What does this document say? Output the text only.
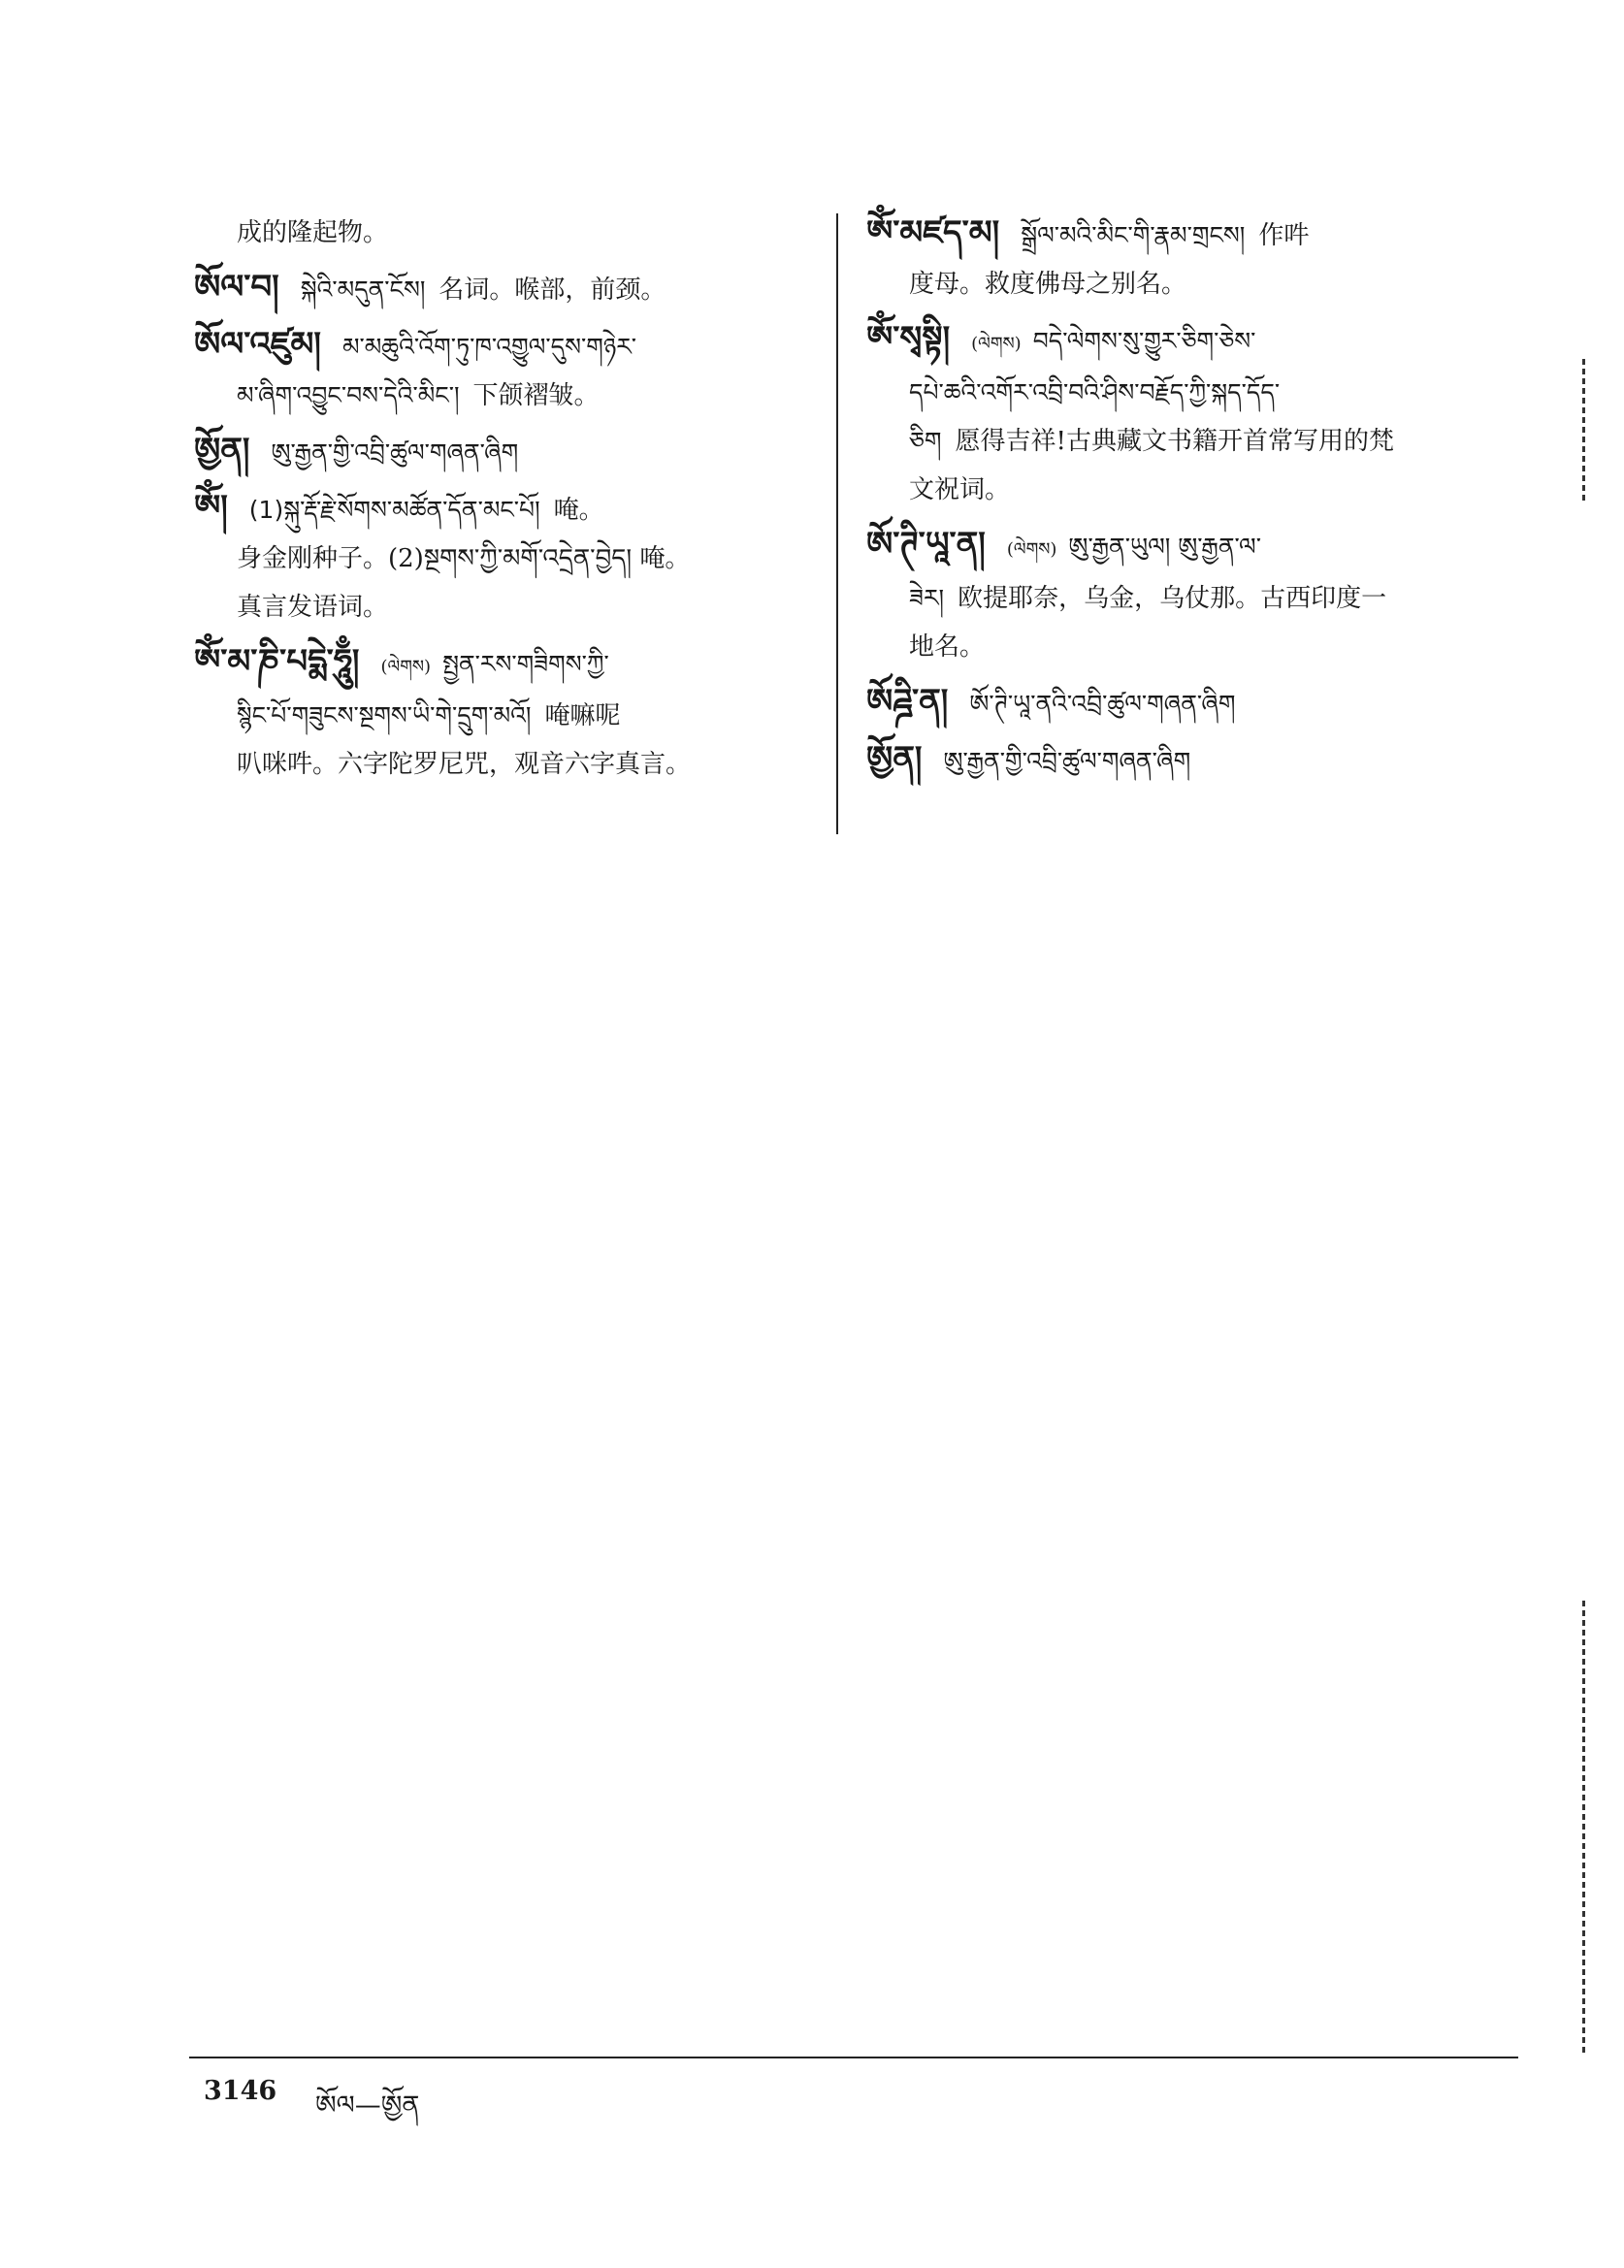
成的隆起物。
ཨོལ་བ། སྐེའི་མདུན་ངོས། 名词。喉部，前颈。
ཨོལ་འཛུམ། མ་མཆུའི་འོག་ཏུ་ཁ་འགྱུལ་དུས་གཉེར་
མ་ཞིག་འབྱུང་བས་དེའི་མིང་། 下颌褶皱。
ཨྱོན། ཨུ་རྒྱན་གྱི་འབྲི་ཚུལ་གཞན་ཞིག
ཨོཾ། (1)སྐུ་རྡོ་རྗེ་སོགས་མཚོན་དོན་མང་པོ། 唵。
身金刚种子。(2)སྔགས་ཀྱི་མགོ་འདྲེན་བྱེད། 唵。
真言发语词。
ཨོཾ་མ་ཎི་པདྨེ་ཧཱུྃ། (ལེགས) སྤྱན་རས་གཟིགས་ཀྱི་
སྙིང་པོ་གཟུངས་སྔགས་ཡི་གེ་དྲུག་མའོ། 唵嘛呢
叭咪吽。六字陀罗尼咒，观音六字真言。
ཨོཾ་མཛད་མ། སྒྲོལ་མའི་མིང་གི་རྣམ་གྲངས། 作吽
度母。救度佛母之别名。
ཨོཾ་སྭསྟི། (ལེགས) བདེ་ལེགས་སུ་གྱུར་ཅིག་ཅེས་
དཔེ་ཆའི་འགོར་འབྲི་བའི་ཤིས་བརྗོད་ཀྱི་སྐད་དོད་
ཅིག 愿得吉祥!古典藏文书籍开首常写用的梵
文祝词。
ཨོ་ཊི་ཡཱ་ན། (ལེགས) ཨུ་རྒྱན་ཡུལ། ཨུ་རྒྱན་ལ་
ཟེར། 欧提耶奈，乌金，乌仗那。古西印度一
地名。
ཨོཌྜི་ན། ཨོ་ཊི་ཡཱ་ནའི་འབྲི་ཚུལ་གཞན་ཞིག
ཨྱོན། ཨུ་རྒྱན་གྱི་འབྲི་ཚུལ་གཞན་ཞིག
3146 ཨོལ—ཨྱོན
